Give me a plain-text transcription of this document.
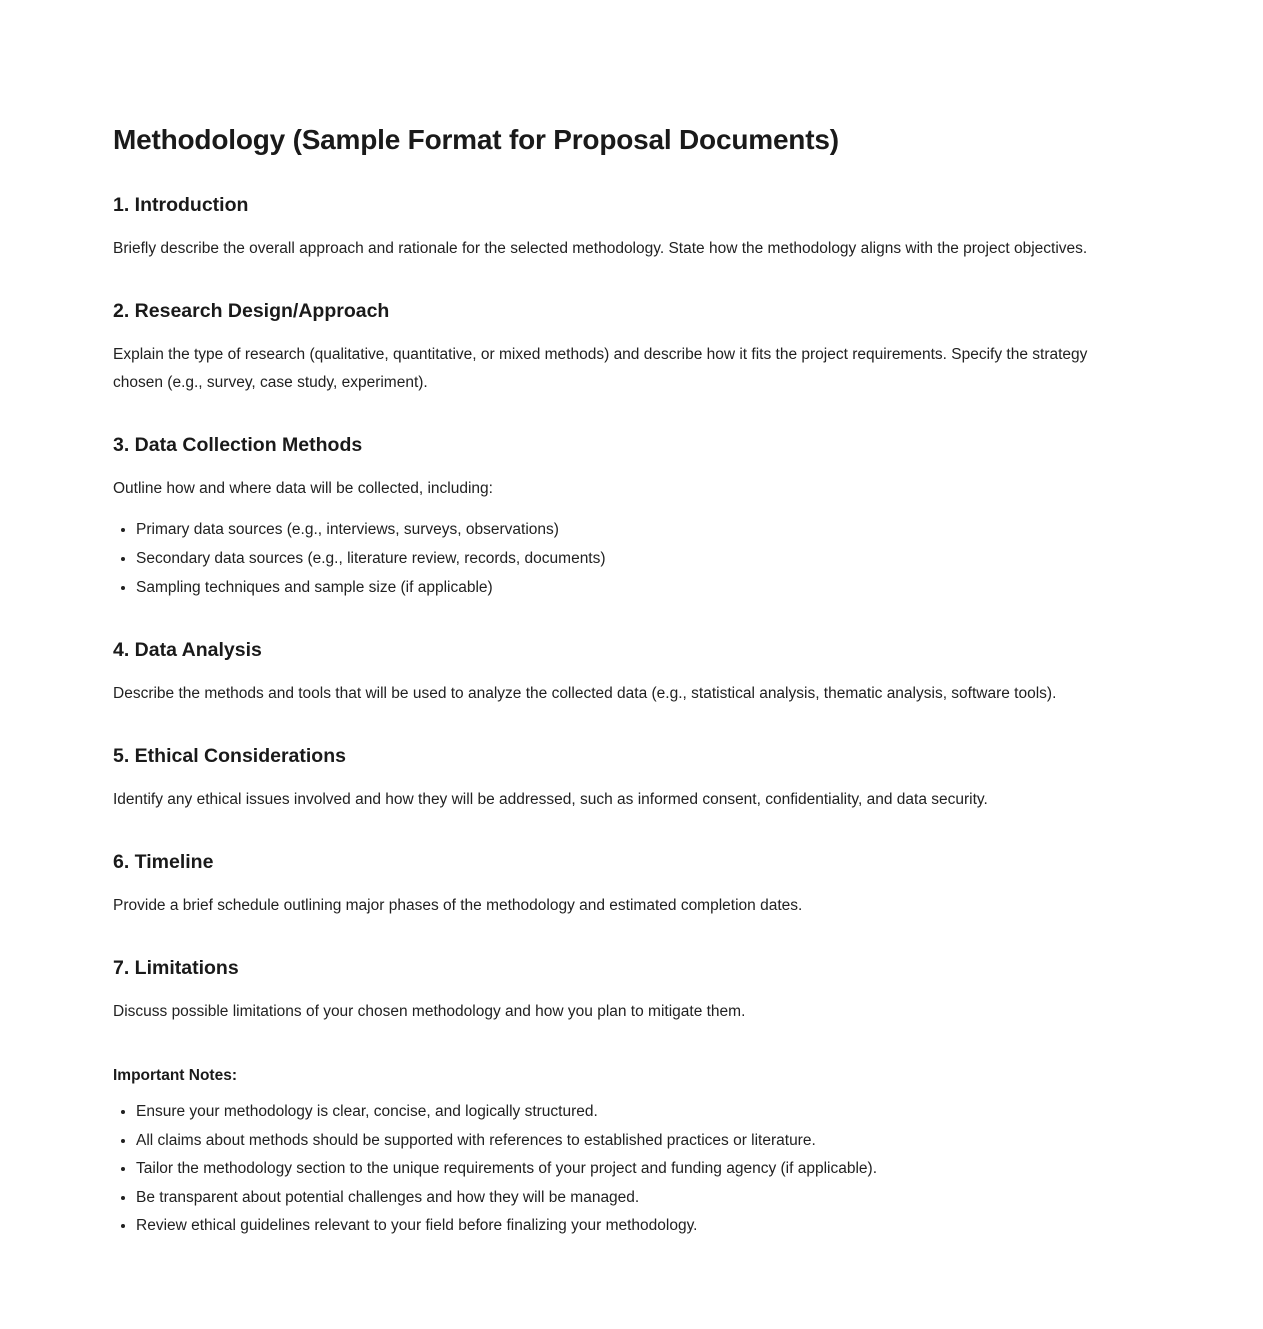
Methodology (Sample Format for Proposal Documents)
1. Introduction

Briefly describe the overall approach and rationale for the selected methodology. State how the methodology aligns with the project objectives.

2. Research Design/Approach

Explain the type of research (qualitative, quantitative, or mixed methods) and describe how it fits the project requirements. Specify the strategy chosen (e.g., survey, case study, experiment).

3. Data Collection Methods

Outline how and where data will be collected, including:

• Primary data sources (e.g., interviews, surveys, observations)
• Secondary data sources (e.g., literature review, records, documents)
• Sampling techniques and sample size (if applicable)
4. Data Analysis

Describe the methods and tools that will be used to analyze the collected data (e.g., statistical analysis, thematic analysis, software tools).

5. Ethical Considerations

Identify any ethical issues involved and how they will be addressed, such as informed consent, confidentiality, and data security.

6. Timeline

Provide a brief schedule outlining major phases of the methodology and estimated completion dates.

7. Limitations

Discuss possible limitations of your chosen methodology and how you plan to mitigate them.

Important Notes:

• Ensure your methodology is clear, concise, and logically structured.
• All claims about methods should be supported with references to established practices or literature.
• Tailor the methodology section to the unique requirements of your project and funding agency (if applicable).
• Be transparent about potential challenges and how they will be managed.
• Review ethical guidelines relevant to your field before finalizing your methodology.
